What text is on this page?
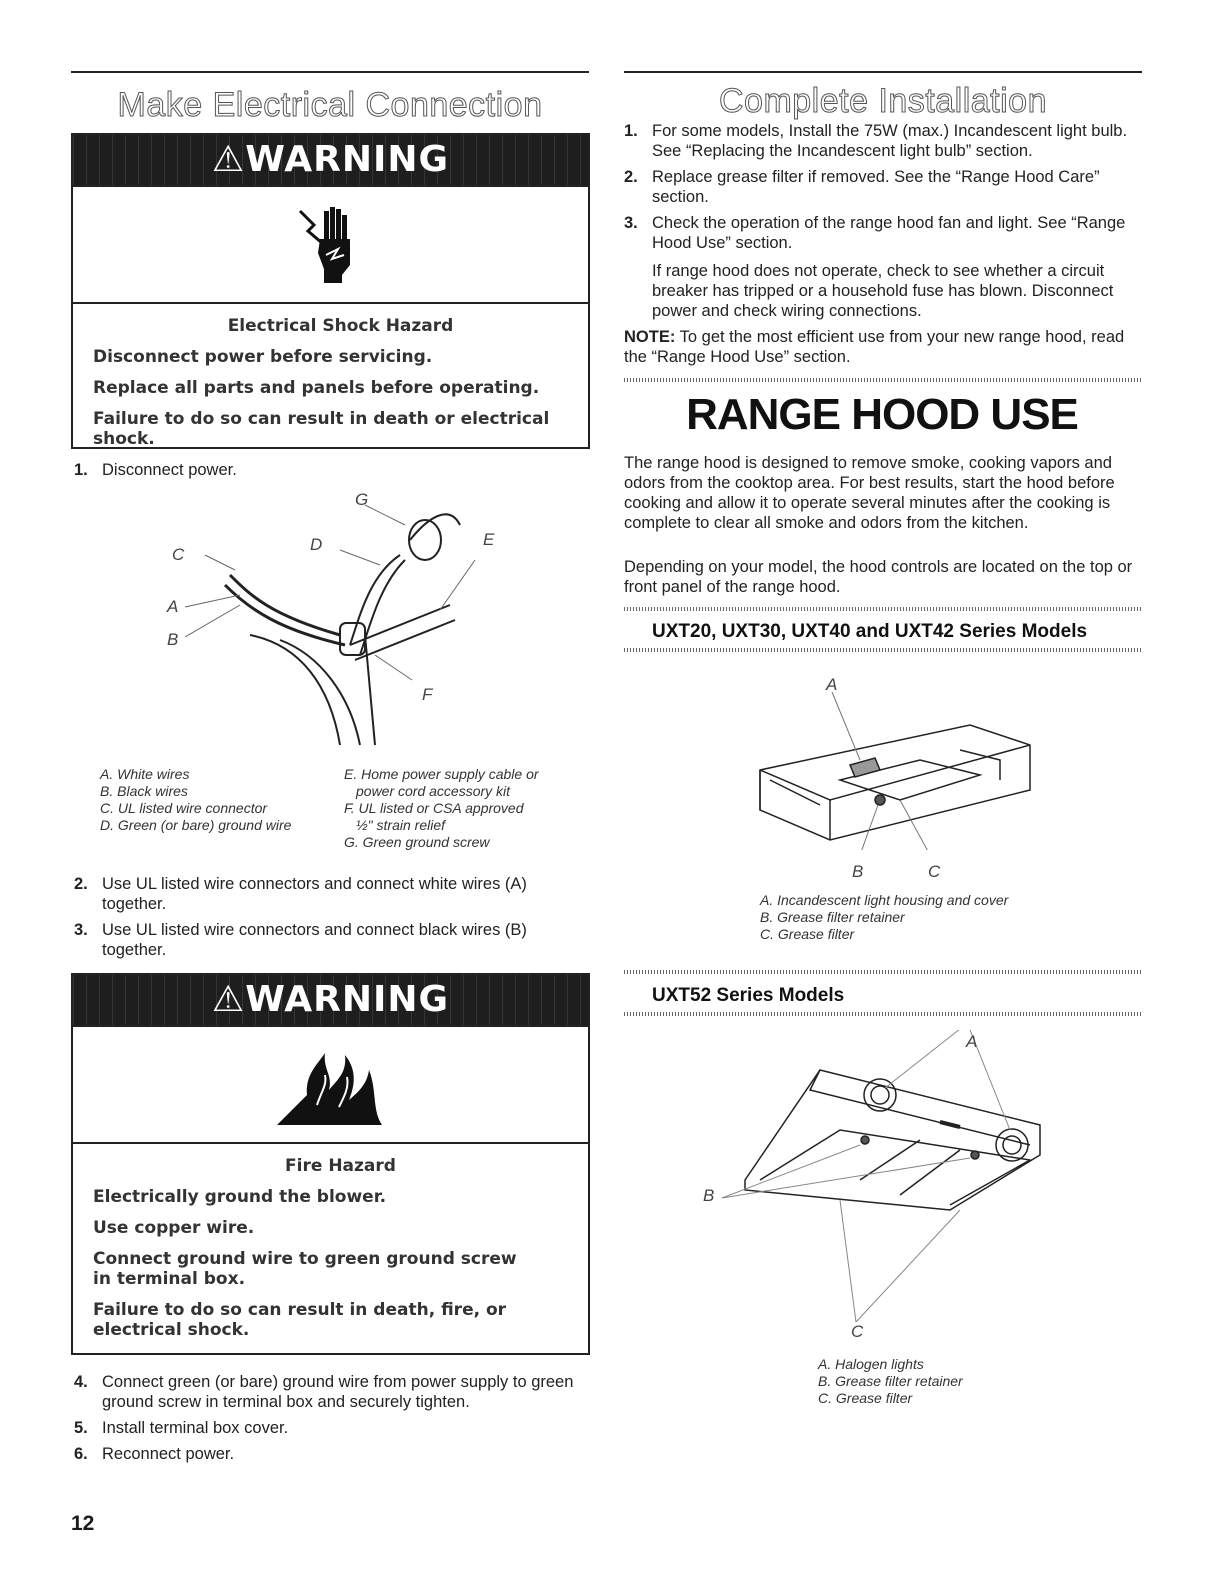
Make Electrical Connection
⚠WARNING

Electrical Shock Hazard

Disconnect power before servicing.

Replace all parts and panels before operating.

Failure to do so can result in death or electrical shock.

1. Disconnect power.
G
D	E
C
A
B
F
A. White wires
B. Black wires
C. UL listed wire connector
D. Green (or bare) ground wire
E. Home power supply cable or
power cord accessory kit
F. UL listed or CSA approved
½" strain relief
G. Green ground screw
2. Use UL listed wire connectors and connect white wires (A) together.
3. Use UL listed wire connectors and connect black wires (B) together.
⚠WARNING

Fire Hazard

Electrically ground the blower.

Use copper wire.

Connect ground wire to green ground screw in terminal box.

Failure to do so can result in death, fire, or electrical shock.

4. Connect green (or bare) ground wire from power supply to green ground screw in terminal box and securely tighten.
5. Install terminal box cover.
6. Reconnect power.
12
Complete Installation
1. For some models, Install the 75W (max.) Incandescent light bulb. See “Replacing the Incandescent light bulb” section.
2. Replace grease filter if removed. See the “Range Hood Care” section.
3. Check the operation of the range hood fan and light. See “Range Hood Use” section.
If range hood does not operate, check to see whether a circuit breaker has tripped or a household fuse has blown. Disconnect power and check wiring connections.
NOTE: To get the most efficient use from your new range hood, read the “Range Hood Use” section.
RANGE HOOD USE
The range hood is designed to remove smoke, cooking vapors and odors from the cooktop area. For best results, start the hood before cooking and allow it to operate several minutes after the cooking is complete to clear all smoke and odors from the kitchen.
Depending on your model, the hood controls are located on the top or front panel of the range hood.
UXT20, UXT30, UXT40 and UXT42 Series Models
A
B	C
A. Incandescent light housing and cover
B. Grease filter retainer
C. Grease filter
UXT52 Series Models
A
B
C
A. Halogen lights
B. Grease filter retainer
C. Grease filter
